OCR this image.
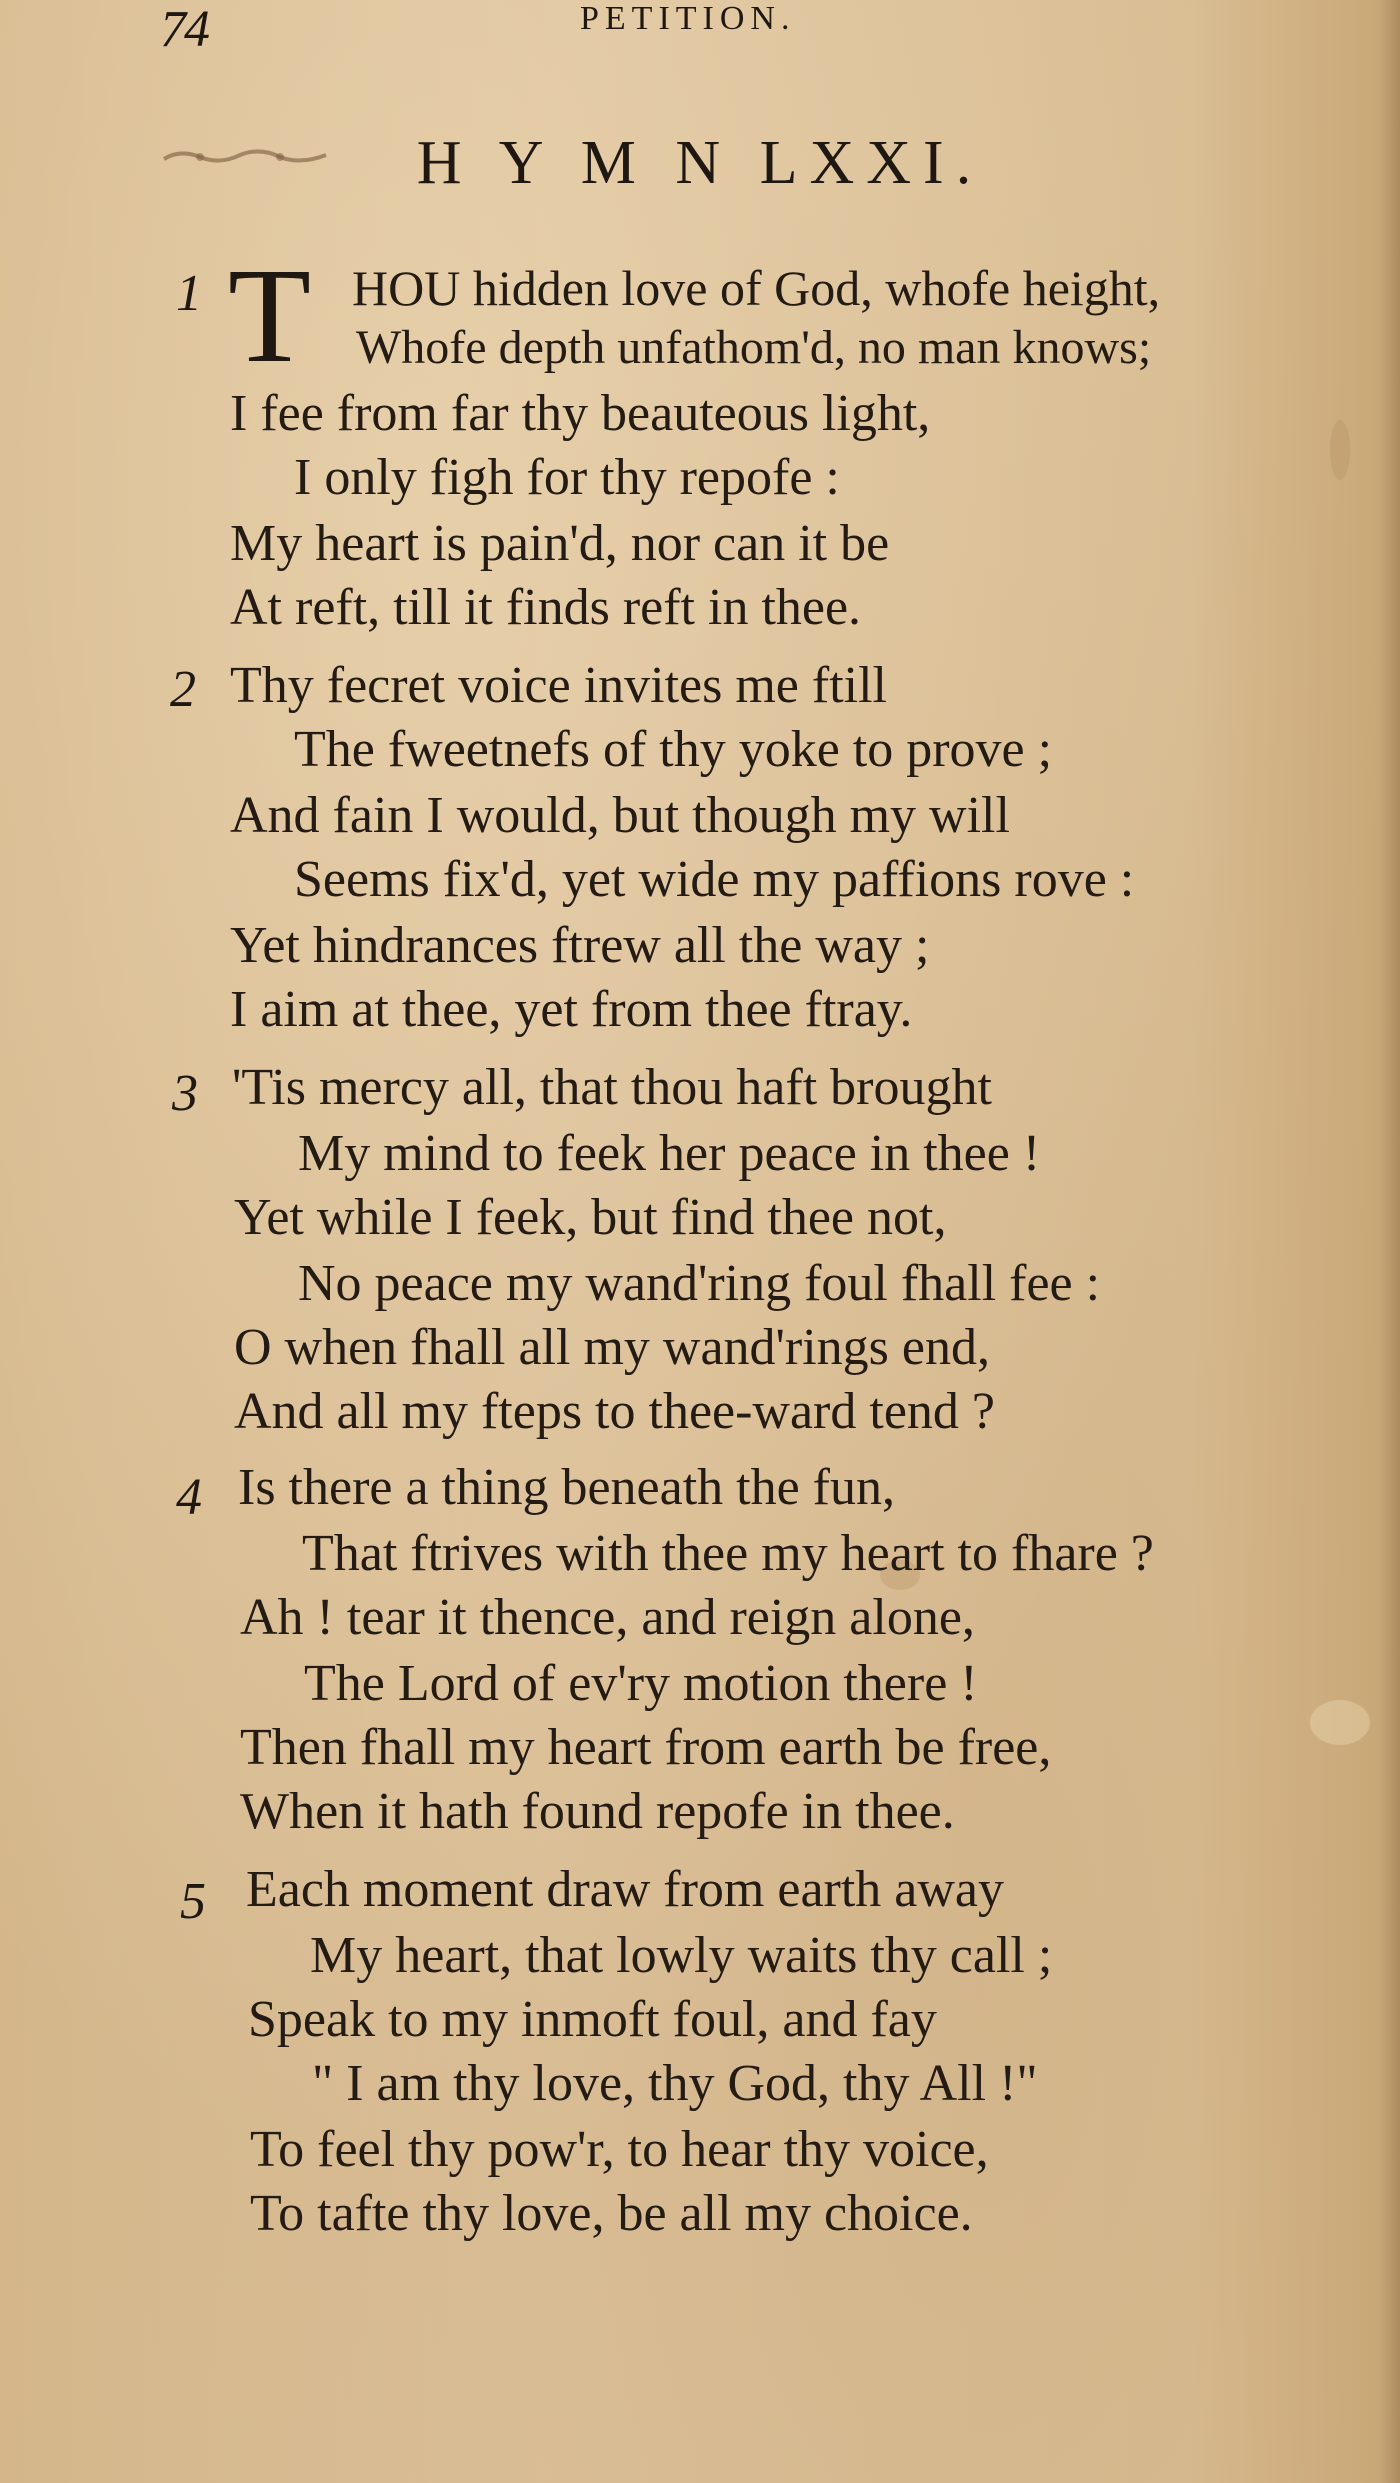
74	PETITION.
H Y M N LXXI.
1 T HOU hidden love of God, whofe height,
Whofe depth unfathom'd, no man knows;
I fee from far thy beauteous light,
I only figh for thy repofe :
My heart is pain'd, nor can it be
At reft, till it finds reft in thee.
2 Thy fecret voice invites me ftill
The fweetnefs of thy yoke to prove ;
And fain I would, but though my will
Seems fix'd, yet wide my paffions rove :
Yet hindrances ftrew all the way ;
I aim at thee, yet from thee ftray.
3 'Tis mercy all, that thou haft brought
My mind to feek her peace in thee !
Yet while I feek, but find thee not,
No peace my wand'ring foul fhall fee :
O when fhall all my wand'rings end,
And all my fteps to thee-ward tend ?
4 Is there a thing beneath the fun,
That ftrives with thee my heart to fhare ?
Ah ! tear it thence, and reign alone,
The Lord of ev'ry motion there !
Then fhall my heart from earth be free,
When it hath found repofe in thee.
5 Each moment draw from earth away
My heart, that lowly waits thy call ;
Speak to my inmoft foul, and fay
" I am thy love, thy God, thy All !"
To feel thy pow'r, to hear thy voice,
To tafte thy love, be all my choice.
